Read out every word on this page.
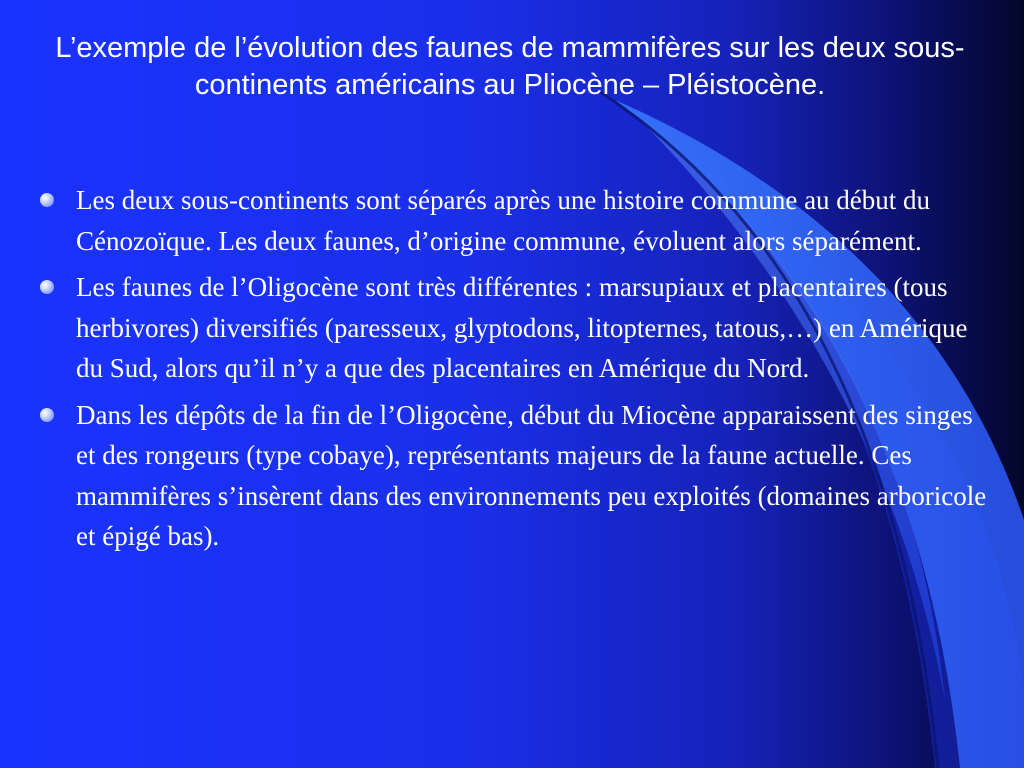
L’exemple de l’évolution des faunes de mammifères sur les deux sous-continents américains au Pliocène – Pléistocène.
Les deux sous-continents sont séparés après une histoire commune au début du Cénozoïque. Les deux faunes, d’origine commune, évoluent alors séparément.
Les faunes de l’Oligocène sont très différentes : marsupiaux et placentaires (tous herbivores) diversifiés (paresseux, glyptodons, litopternes, tatous,…) en Amérique du Sud, alors qu’il n’y a que des placentaires en Amérique du Nord.
Dans les dépôts de la fin de l’Oligocène, début du Miocène apparaissent des singes et des rongeurs (type cobaye), représentants majeurs de la faune actuelle. Ces mammifères s’insèrent dans des environnements peu exploités (domaines arboricole et épigé bas).
